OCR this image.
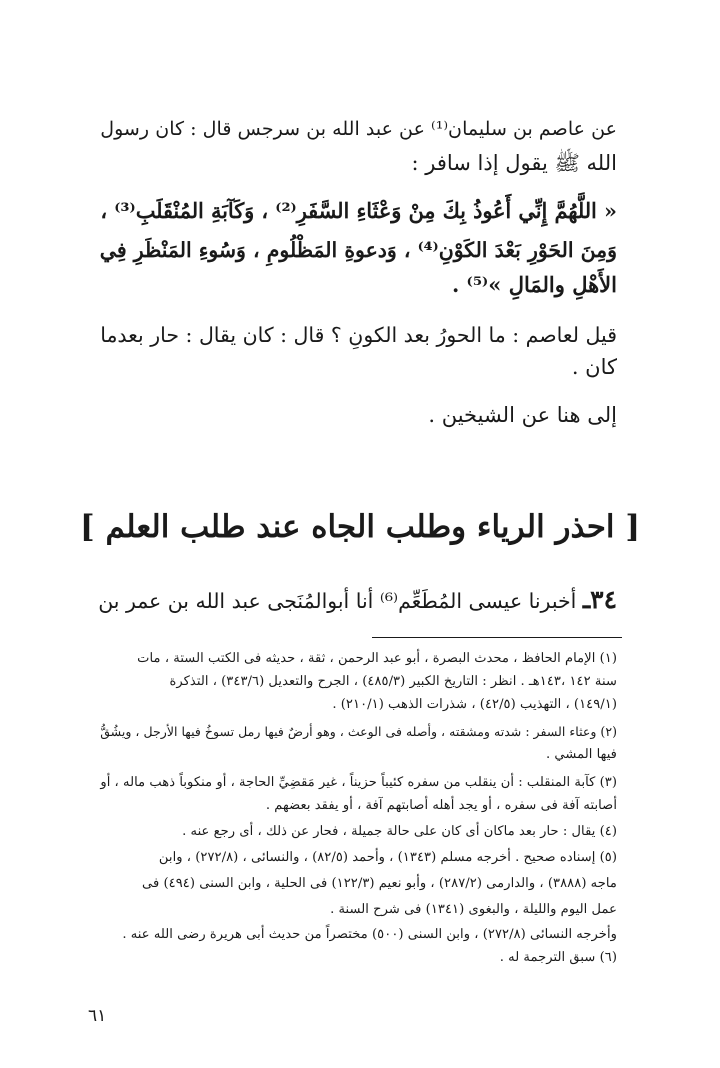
عن عاصم بن سليمان⁽¹⁾ عن عبد الله بن سرجس قال : كان رسول
الله ﷺ يقول إذا سافر :
« اللَّهُمَّ إِنِّي أَعُوذُ بِكَ مِنْ وَعْثَاءِ السَّفَرِ⁽²⁾ ، وَكَآبَةِ المُنْقَلَبِ⁽³⁾ ،
وَمِنَ الحَوْرِ بَعْدَ الكَوْنِ⁽⁴⁾ ، وَدعوةِ المَظْلُومِ ، وَسُوءِ المَنْظَرِ فِي
الأَهْلِ والمَالِ »⁽⁵⁾ .
قيل لعاصم : ما الحورُ بعد الكونِ ؟ قال : كان يقال : حار بعدما
كان .
إلى هنا عن الشيخين .
[ احذر الرياء وطلب الجاه عند طلب العلم ]
٣٤ـ أخبرنا عيسى المُطَعِّم⁽⁶⁾ أنا أبوالمُنَجى عبد الله بن عمر بن
(١) الإمام الحافظ ، محدث البصرة ، أبو عبد الرحمن ، ثقة ، حديثه فى الكتب الستة ، مات
سنة ١٤٢ ،١٤٣هـ . انظر : التاريخ الكبير (٤٨٥/٣) ، الجرح والتعديل (٣٤٣/٦) ، التذكرة
(١٤٩/١) ، التهذيب (٤٢/٥) ، شذرات الذهب (٢١٠/١) .
(٢) وعثاء السفر : شدته ومشقته ، وأصله فى الوعث ، وهو أرضٌ فيها رمل تسوخُ فيها الأرجل ، ويشُقُّ
فيها المشي .
(٣) كآبة المنقلب : أن ينقلب من سفره كئيباً حزيناً ، غير مَقضِيِّ الحاجة ، أو منكوباً ذهب ماله ، أو
أصابته آفة فى سفره ، أو يجد أهله أصابتهم آفة ، أو يفقد بعضهم .
(٤) يقال : حار بعد ماكان أى كان على حالة جميلة ، فحار عن ذلك ، أى رجع عنه .
(٥) إسناده صحيح . أخرجه مسلم (١٣٤٣) ، وأحمد (٨٢/٥) ، والنسائى ، (٢٧٢/٨) ، وابن
ماجه (٣٨٨٨) ، والدارمى (٢٨٧/٢) ، وأبو نعيم (١٢٢/٣) فى الحلية ، وابن السنى (٤٩٤) فى
عمل اليوم والليلة ، والبغوى (١٣٤١) فى شرح السنة .
وأخرجه النسائى (٢٧٢/٨) ، وابن السنى (٥٠٠) مختصراً من حديث أبى هريرة رضى الله عنه .
(٦) سبق الترجمة له .
٦١
